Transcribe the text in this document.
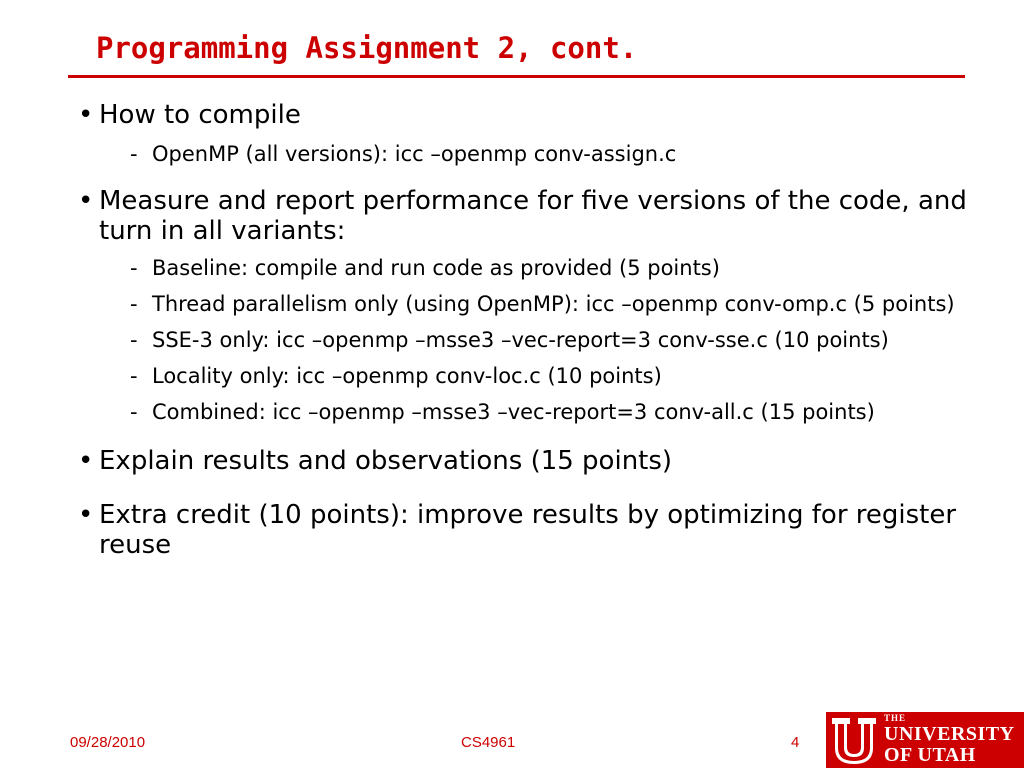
Programming Assignment 2, cont.
• How to compile
- OpenMP (all versions): icc –openmp conv-assign.c
• Measure and report performance for five versions of the code, and turn in all variants:
- Baseline: compile and run code as provided (5 points)
- Thread parallelism only (using OpenMP): icc –openmp conv-omp.c (5 points)
- SSE-3 only: icc –openmp –msse3 –vec-report=3 conv-sse.c (10 points)
- Locality only: icc –openmp conv-loc.c (10 points)
- Combined: icc –openmp –msse3 –vec-report=3 conv-all.c (15 points)
• Explain results and observations (15 points)
• Extra credit (10 points): improve results by optimizing for register reuse
09/28/2010	CS4961	4
THE
UNIVERSITY
OF UTAH
